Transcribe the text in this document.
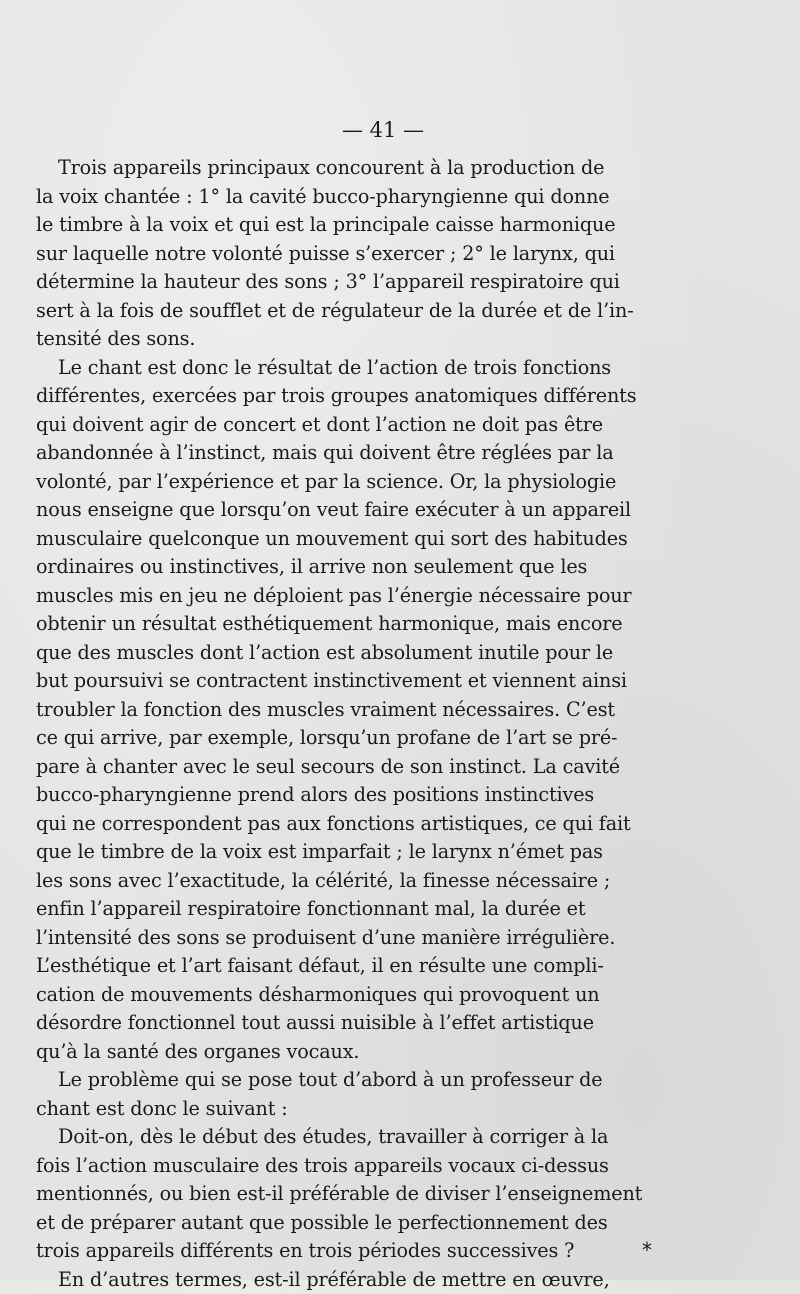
— 41 —

Trois appareils principaux concourent à la production de
la voix chantée : 1° la cavité bucco-pharyngienne qui donne
le timbre à la voix et qui est la principale caisse harmonique
sur laquelle notre volonté puisse s’exercer ; 2° le larynx, qui
détermine la hauteur des sons ; 3° l’appareil respiratoire qui
sert à la fois de soufflet et de régulateur de la durée et de l’in-
tensité des sons.

Le chant est donc le résultat de l’action de trois fonctions
différentes, exercées par trois groupes anatomiques différents
qui doivent agir de concert et dont l’action ne doit pas être
abandonnée à l’instinct, mais qui doivent être réglées par la
volonté, par l’expérience et par la science. Or, la physiologie
nous enseigne que lorsqu’on veut faire exécuter à un appareil
musculaire quelconque un mouvement qui sort des habitudes
ordinaires ou instinctives, il arrive non seulement que les
muscles mis en jeu ne déploient pas l’énergie nécessaire pour
obtenir un résultat esthétiquement harmonique, mais encore
que des muscles dont l’action est absolument inutile pour le
but poursuivi se contractent instinctivement et viennent ainsi
troubler la fonction des muscles vraiment nécessaires. C’est
ce qui arrive, par exemple, lorsqu’un profane de l’art se pré-
pare à chanter avec le seul secours de son instinct. La cavité
bucco-pharyngienne prend alors des positions instinctives
qui ne correspondent pas aux fonctions artistiques, ce qui fait
que le timbre de la voix est imparfait ; le larynx n’émet pas
les sons avec l’exactitude, la célérité, la finesse nécessaire ;
enfin l’appareil respiratoire fonctionnant mal, la durée et
l’intensité des sons se produisent d’une manière irrégulière.
L’esthétique et l’art faisant défaut, il en résulte une compli-
cation de mouvements désharmoniques qui provoquent un
désordre fonctionnel tout aussi nuisible à l’effet artistique
qu’à la santé des organes vocaux.

Le problème qui se pose tout d’abord à un professeur de
chant est donc le suivant :

Doit-on, dès le début des études, travailler à corriger à la
fois l’action musculaire des trois appareils vocaux ci-dessus
mentionnés, ou bien est-il préférable de diviser l’enseignement
et de préparer autant que possible le perfectionnement des
trois appareils différents en trois périodes successives ?

En d’autres termes, est-il préférable de mettre en œuvre,

*
